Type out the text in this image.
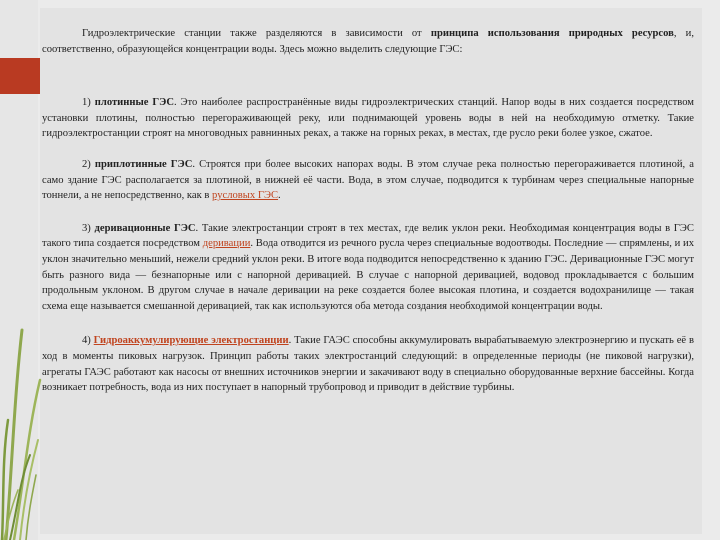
Гидроэлектрические станции также разделяются в зависимости от принципа использования природных ресурсов, и, соответственно, образующейся концентрации воды. Здесь можно выделить следующие ГЭС:

1) плотинные ГЭС. Это наиболее распространённые виды гидроэлектрических станций. Напор воды в них создается посредством установки плотины, полностью перегораживающей реку, или поднимающей уровень воды в ней на необходимую отметку. Такие гидроэлектростанции строят на многоводных равнинных реках, а также на горных реках, в местах, где русло реки более узкое, сжатое.

2) приплотинные ГЭС. Строятся при более высоких напорах воды. В этом случае река полностью перегораживается плотиной, а само здание ГЭС располагается за плотиной, в нижней её части. Вода, в этом случае, подводится к турбинам через специальные напорные тоннели, а не непосредственно, как в русловых ГЭС.

3) деривационные ГЭС. Такие электростанции строят в тех местах, где велик уклон реки. Необходимая концентрация воды в ГЭС такого типа создается посредством деривации. Вода отводится из речного русла через специальные водоотводы. Последние — спрямлены, и их уклон значительно меньший, нежели средний уклон реки. В итоге вода подводится непосредственно к зданию ГЭС. Деривационные ГЭС могут быть разного вида — безнапорные или с напорной деривацией. В случае с напорной деривацией, водовод прокладывается с большим продольным уклоном. В другом случае в начале деривации на реке создается более высокая плотина, и создается водохранилище — такая схема еще называется смешанной деривацией, так как используются оба метода создания необходимой концентрации воды.

4) Гидроаккумулирующие электростанции. Такие ГАЭС способны аккумулировать вырабатываемую электроэнергию и пускать её в ход в моменты пиковых нагрузок. Принцип работы таких электростанций следующий: в определенные периоды (не пиковой нагрузки), агрегаты ГАЭС работают как насосы от внешних источников энергии и закачивают воду в специально оборудованные верхние бассейны. Когда возникает потребность, вода из них поступает в напорный трубопровод и приводит в действие турбины.
